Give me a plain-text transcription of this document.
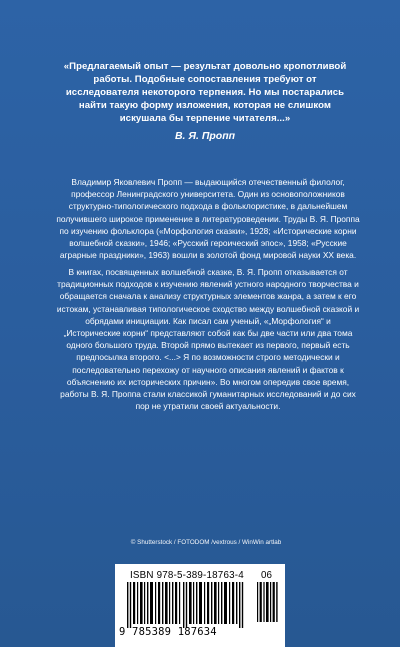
«Предлагаемый опыт — результат довольно кропотливой работы. Подобные сопоставления требуют от исследователя некоторого терпения. Но мы постарались найти такую форму изложения, которая не слишком искушала бы терпение читателя...»
В. Я. Пропп
Владимир Яковлевич Пропп — выдающийся отечественный филолог, профессор Ленинградского университета. Один из основоположников структурно-типологического подхода в фольклористике, в дальнейшем получившего широкое применение в литературоведении. Труды В. Я. Проппа по изучению фольклора («Морфология сказки», 1928; «Исторические корни волшебной сказки», 1946; «Русский героический эпос», 1958; «Русские аграрные праздники», 1963) вошли в золотой фонд мировой науки XX века.
В книгах, посвященных волшебной сказке, В. Я. Пропп отказывается от традиционных подходов к изучению явлений устного народного творчества и обращается сначала к анализу структурных элементов жанра, а затем к его истокам, устанавливая типологическое сходство между волшебной сказкой и обрядами инициации. Как писал сам ученый, «„Морфология“ и „Исторические корни“ представляют собой как бы две части или два тома одного большого труда. Второй прямо вытекает из первого, первый есть предпосылка второго. <...> Я по возможности строго методически и последовательно перехожу от научного описания явлений и фактов к объяснению их исторических причин». Во многом опередив свое время, работы В. Я. Проппа стали классикой гуманитарных исследований и до сих пор не утратили своей актуальности.
© Shutterstock / FOTODOM /vextrous / WinWin artlab
ISBN 978-5-389-18763-4 06
9 785389 187634
